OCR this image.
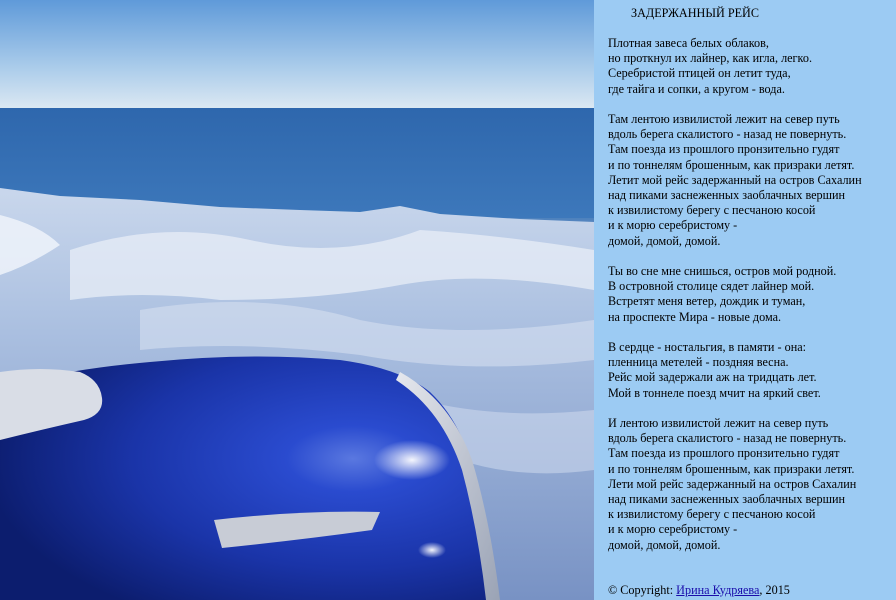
ЗАДЕРЖАННЫЙ РЕЙС
Плотная завеса белых облаков,
но проткнул их лайнер, как игла, легко.
Серебристой птицей он летит туда,
где тайга и сопки, а кругом - вода.
Там лентою извилистой лежит на север путь
вдоль берега скалистого - назад не повернуть.
Там поезда из прошлого пронзительно гудят
и по тоннелям брошенным, как призраки летят.
Летит мой рейс задержанный на остров Сахалин
над пиками заснеженных заоблачных вершин
к извилистому берегу с песчаною косой
и к морю серебристому -
домой, домой, домой.
Ты во сне мне снишься, остров мой родной.
В островной столице сядет лайнер мой.
Встретят меня ветер, дождик и туман,
на проспекте Мира - новые дома.
В сердце - ностальгия, в памяти - она:
пленница метелей - поздняя весна.
Рейс мой задержали аж на тридцать лет.
Мой в тоннеле поезд мчит на яркий свет.
И лентою извилистой лежит на север путь
вдоль берега скалистого - назад не повернуть.
Там поезда из прошлого пронзительно гудят
и по тоннелям брошенным, как призраки летят.
Лети мой рейс задержанный на остров Сахалин
над пиками заснеженных заоблачных вершин
к извилистому берегу с песчаною косой
и к морю серебристому -
домой, домой, домой.
© Copyright: Ирина Кудряева, 2015
